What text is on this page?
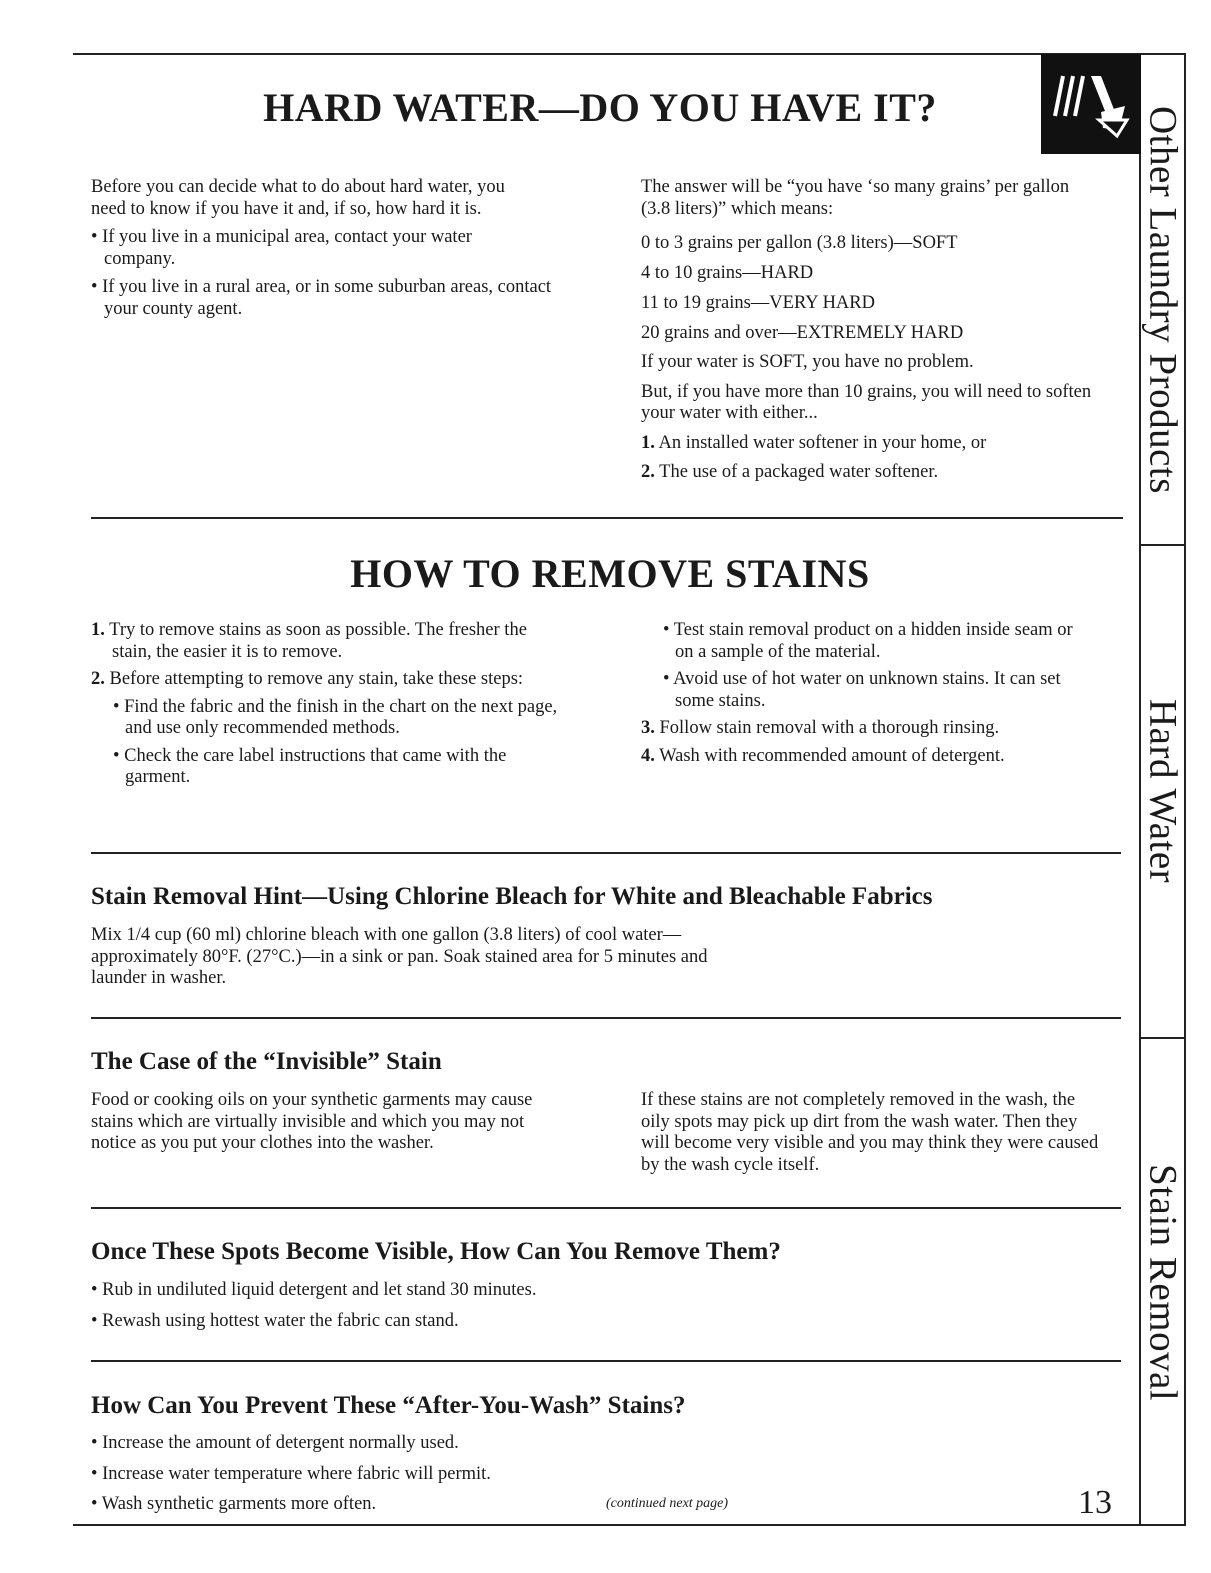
Other Laundry Products
Hard Water
Stain Removal
HARD WATER—DO YOU HAVE IT?

Before you can decide what to do about hard water, you need to know if you have it and, if so, how hard it is.

• If you live in a municipal area, contact your water company.
• If you live in a rural area, or in some suburban areas, contact your county agent.

The answer will be “you have ‘so many grains’ per gallon (3.8 liters)” which means:

0 to 3 grains per gallon (3.8 liters)—SOFT
4 to 10 grains—HARD
11 to 19 grains—VERY HARD
20 grains and over—EXTREMELY HARD

If your water is SOFT, you have no problem.

But, if you have more than 10 grains, you will need to soften your water with either...

1. An installed water softener in your home, or
2. The use of a packaged water softener.
HOW TO REMOVE STAINS
1. Try to remove stains as soon as possible. The fresher the stain, the easier it is to remove.
2. Before attempting to remove any stain, take these steps:
• Find the fabric and the finish in the chart on the next page, and use only recommended methods.
• Check the care label instructions that came with the garment.
• Test stain removal product on a hidden inside seam or on a sample of the material.
• Avoid use of hot water on unknown stains. It can set some stains.
3. Follow stain removal with a thorough rinsing.
4. Wash with recommended amount of detergent.
Stain Removal Hint—Using Chlorine Bleach for White and Bleachable Fabrics

Mix 1/4 cup (60 ml) chlorine bleach with one gallon (3.8 liters) of cool water—approximately 80°F. (27°C.)—in a sink or pan. Soak stained area for 5 minutes and launder in washer.

The Case of the “Invisible” Stain

Food or cooking oils on your synthetic garments may cause stains which are virtually invisible and which you may not notice as you put your clothes into the washer.

If these stains are not completely removed in the wash, the oily spots may pick up dirt from the wash water. Then they will become very visible and you may think they were caused by the wash cycle itself.

Once These Spots Become Visible, How Can You Remove Them?
• Rub in undiluted liquid detergent and let stand 30 minutes.
• Rewash using hottest water the fabric can stand.
How Can You Prevent These “After-You-Wash” Stains?
• Increase the amount of detergent normally used.
• Increase water temperature where fabric will permit.
• Wash synthetic garments more often.	(continued next page)	13
